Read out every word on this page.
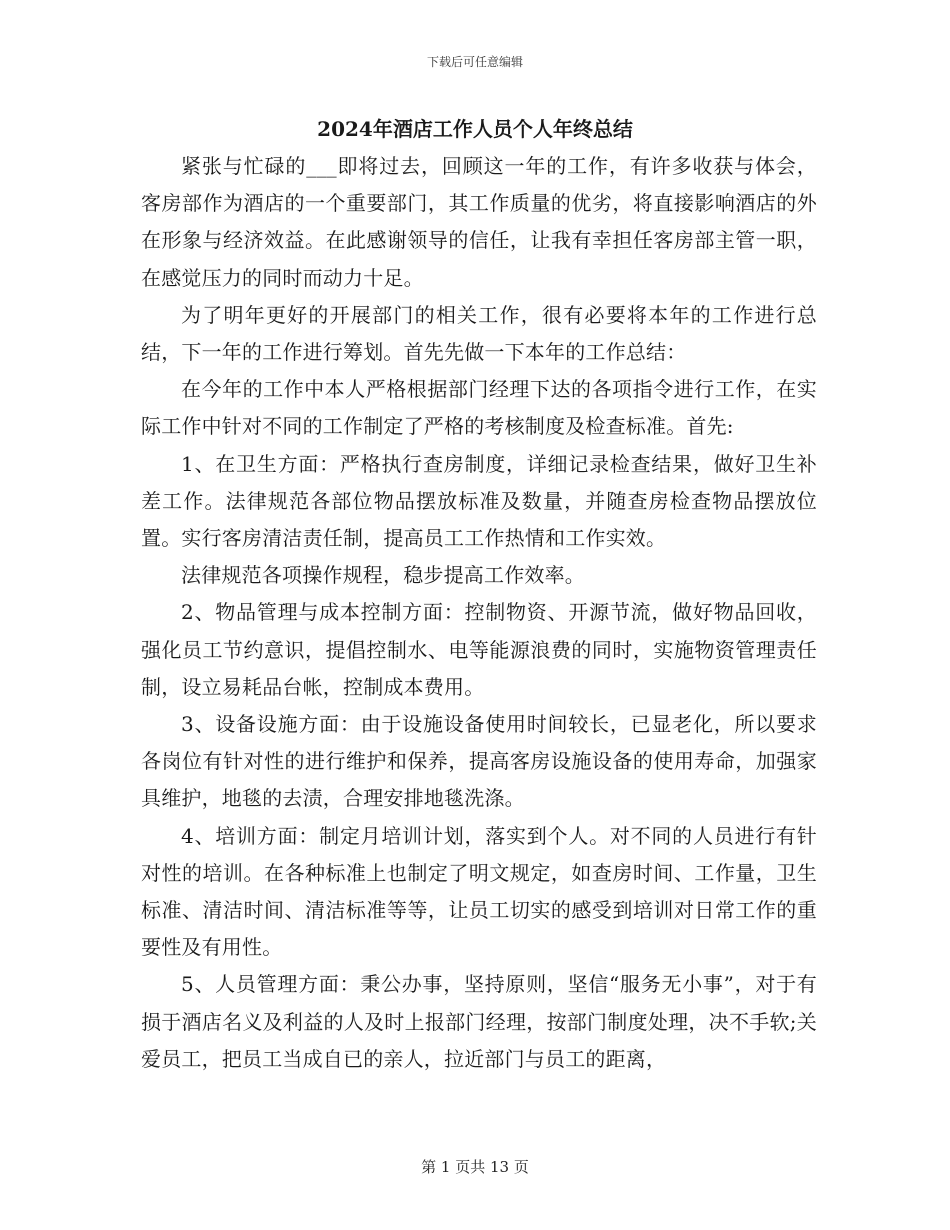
下载后可任意编辑
2024年酒店工作人员个人年终总结

紧张与忙碌的___即将过去，回顾这一年的工作，有许多收获与体会，客房部作为酒店的一个重要部门，其工作质量的优劣，将直接影响酒店的外在形象与经济效益。在此感谢领导的信任，让我有幸担任客房部主管一职，在感觉压力的同时而动力十足。

为了明年更好的开展部门的相关工作，很有必要将本年的工作进行总结，下一年的工作进行筹划。首先先做一下本年的工作总结：

在今年的工作中本人严格根据部门经理下达的各项指令进行工作，在实际工作中针对不同的工作制定了严格的考核制度及检查标准。首先:

1、在卫生方面：严格执行查房制度，详细记录检查结果，做好卫生补差工作。法律规范各部位物品摆放标准及数量，并随查房检查物品摆放位置。实行客房清洁责任制，提高员工工作热情和工作实效。

法律规范各项操作规程，稳步提高工作效率。

2、物品管理与成本控制方面：控制物资、开源节流，做好物品回收，强化员工节约意识，提倡控制水、电等能源浪费的同时，实施物资管理责任制，设立易耗品台帐，控制成本费用。

3、设备设施方面：由于设施设备使用时间较长，已显老化，所以要求各岗位有针对性的进行维护和保养，提高客房设施设备的使用寿命，加强家具维护，地毯的去渍，合理安排地毯洗涤。

4、培训方面：制定月培训计划，落实到个人。对不同的人员进行有针对性的培训。在各种标准上也制定了明文规定，如查房时间、工作量，卫生标准、清洁时间、清洁标准等等，让员工切实的感受到培训对日常工作的重要性及有用性。

5、人员管理方面：秉公办事，坚持原则，坚信“服务无小事”，对于有损于酒店名义及利益的人及时上报部门经理，按部门制度处理，决不手软;关爱员工，把员工当成自已的亲人，拉近部门与员工的距离，

第 1 页共 13 页
